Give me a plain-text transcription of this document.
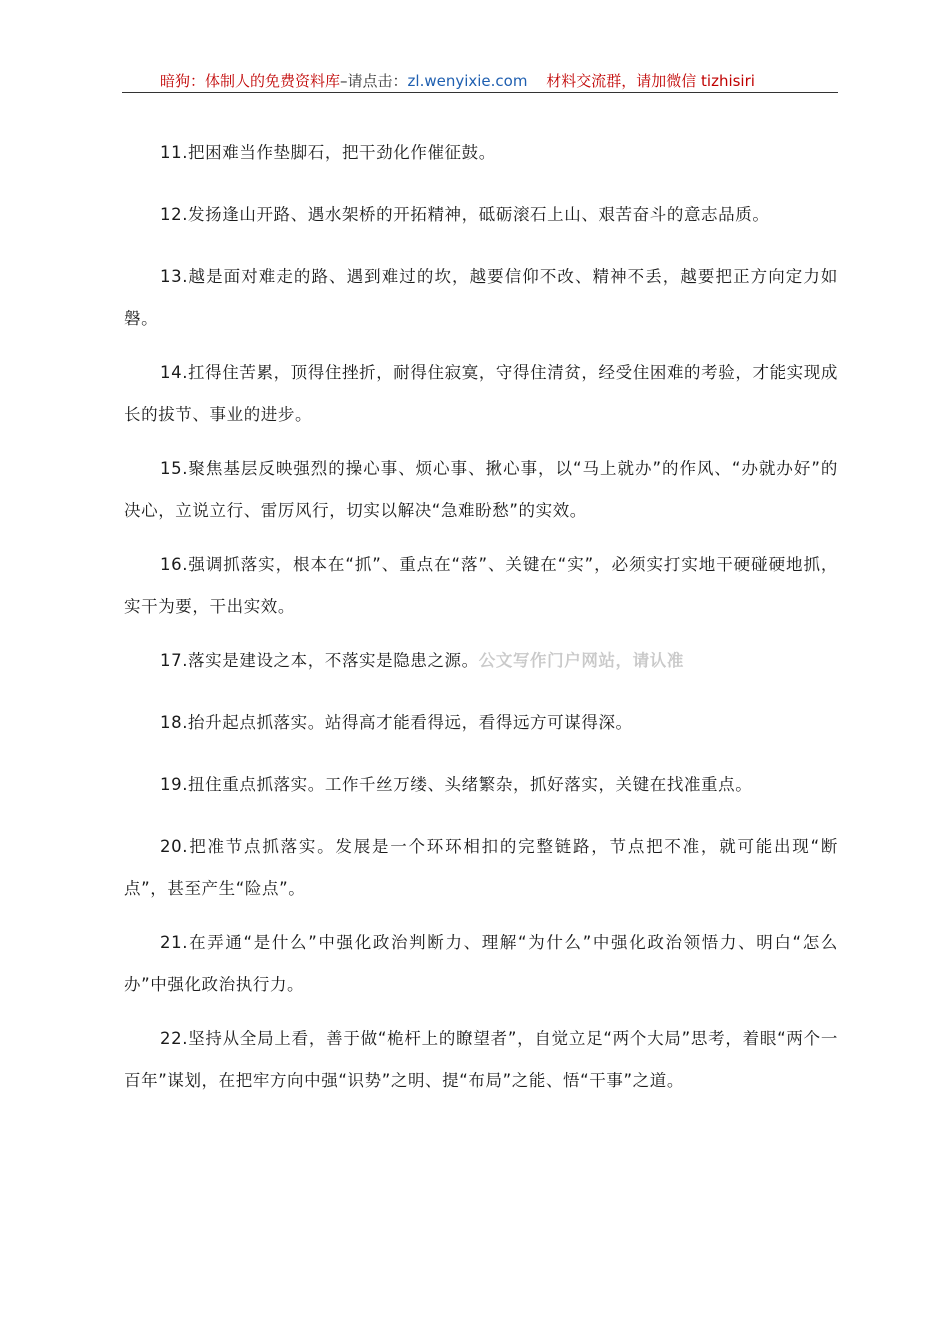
暗狗：体制人的免费资料库–请点击：zl.wenyixie.com 材料交流群，请加微信 tizhisiri

11.把困难当作垫脚石，把干劲化作催征鼓。

12.发扬逢山开路、遇水架桥的开拓精神，砥砺滚石上山、艰苦奋斗的意志品质。

13.越是面对难走的路、遇到难过的坎，越要信仰不改、精神不丢，越要把正方向定力如磐。

14.扛得住苦累，顶得住挫折，耐得住寂寞，守得住清贫，经受住困难的考验，才能实现成长的拔节、事业的进步。

15.聚焦基层反映强烈的操心事、烦心事、揪心事，以“马上就办”的作风、“办就办好”的决心，立说立行、雷厉风行，切实以解决“急难盼愁”的实效。

16.强调抓落实，根本在“抓”、重点在“落”、关键在“实”，必须实打实地干硬碰硬地抓，实干为要，干出实效。

17.落实是建设之本，不落实是隐患之源。公文写作门户网站，请认准

18.抬升起点抓落实。站得高才能看得远，看得远方可谋得深。

19.扭住重点抓落实。工作千丝万缕、头绪繁杂，抓好落实，关键在找准重点。

20.把准节点抓落实。发展是一个环环相扣的完整链路，节点把不准，就可能出现“断点”，甚至产生“险点”。

21.在弄通“是什么”中强化政治判断力、理解“为什么”中强化政治领悟力、明白“怎么办”中强化政治执行力。

22.坚持从全局上看，善于做“桅杆上的瞭望者”，自觉立足“两个大局”思考，着眼“两个一百年”谋划，在把牢方向中强“识势”之明、提“布局”之能、悟“干事”之道。
